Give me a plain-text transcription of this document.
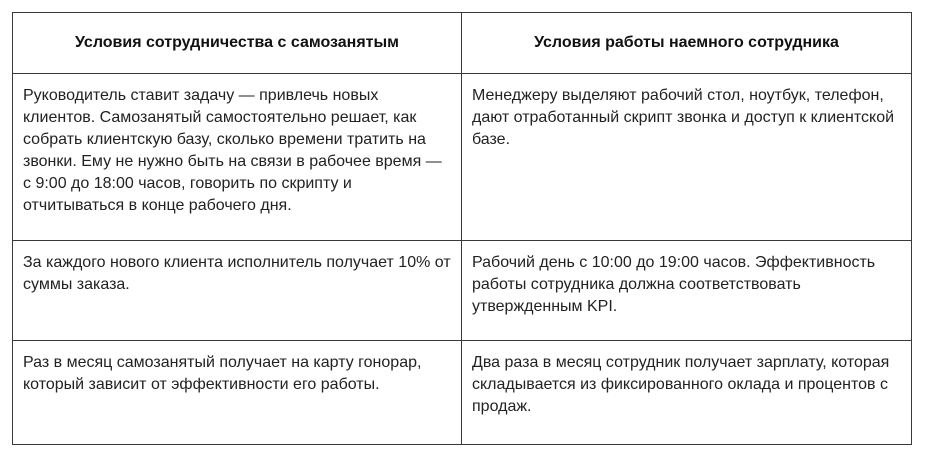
Условия сотрудничества с самозанятым	Условия работы наемного сотрудника
Руководитель ставит задачу — привлечь новых клиентов. Самозанятый самостоятельно решает, как собрать клиентскую базу, сколько времени тратить на звонки. Ему не нужно быть на связи в рабочее время — с 9:00 до 18:00 часов, говорить по скрипту и отчитываться в конце рабочего дня.	Менеджеру выделяют рабочий стол, ноутбук, телефон, дают отработанный скрипт звонка и доступ к клиентской базе.
За каждого нового клиента исполнитель получает 10% от суммы заказа.	Рабочий день с 10:00 до 19:00 часов. Эффективность работы сотрудника должна соответствовать утвержденным KPI.
Раз в месяц самозанятый получает на карту гонорар, который зависит от эффективности его работы.	Два раза в месяц сотрудник получает зарплату, которая складывается из фиксированного оклада и процентов с продаж.
